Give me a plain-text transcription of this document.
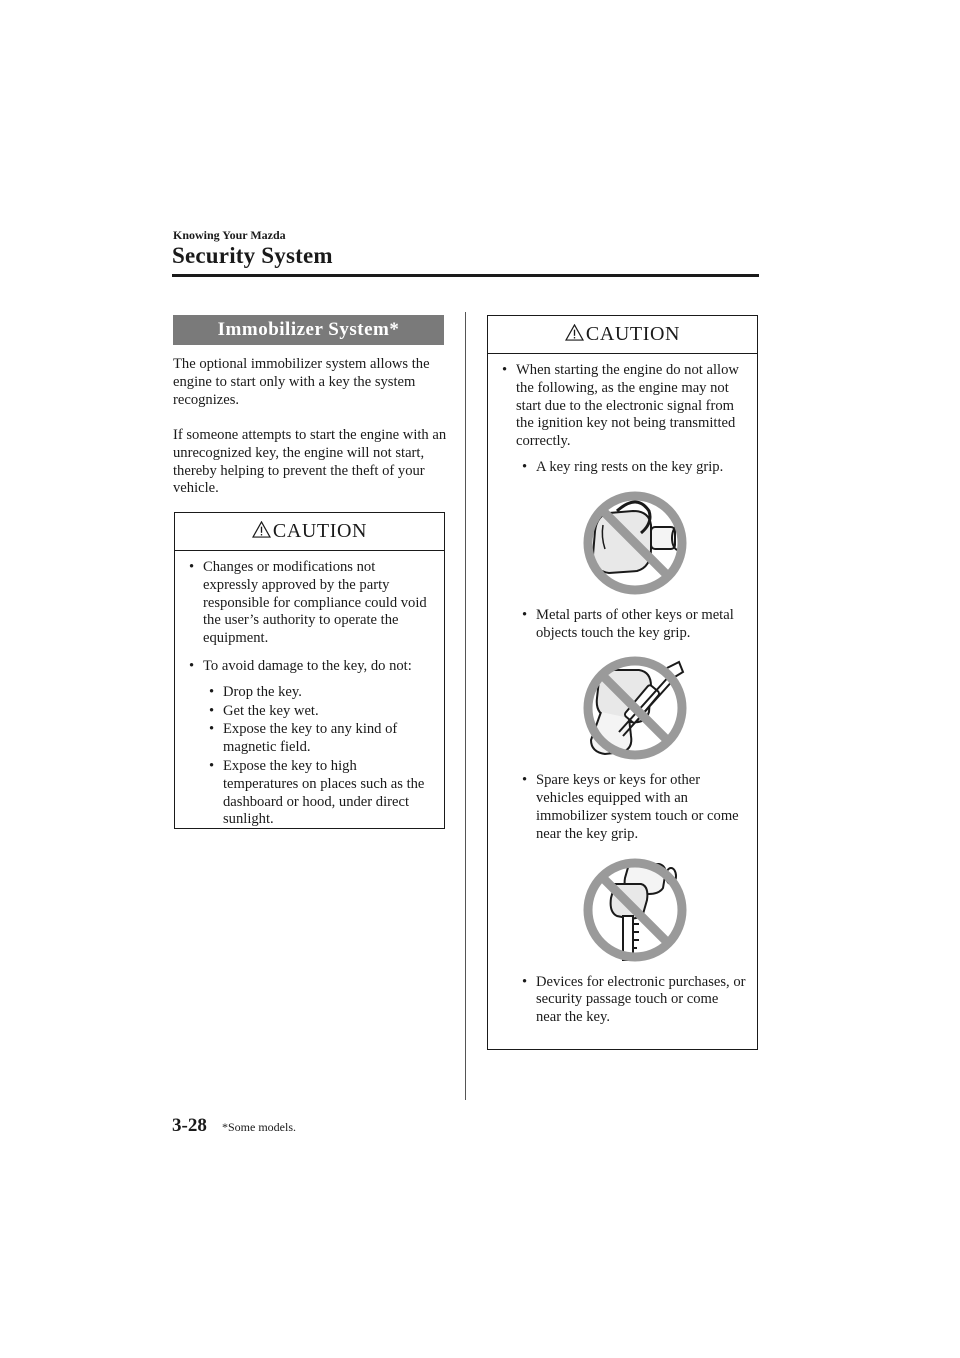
Knowing Your Mazda
Security System
Immobilizer System*

The optional immobilizer system allows the engine to start only with a key the system recognizes.

If someone attempts to start the engine with an unrecognized key, the engine will not start, thereby helping to prevent the theft of your vehicle.

CAUTION
• Changes or modifications not expressly approved by the party responsible for compliance could void the user’s authority to operate the equipment.
• To avoid damage to the key, do not:
• Drop the key.
• Get the key wet.
• Expose the key to any kind of magnetic field.
• Expose the key to high temperatures on places such as the dashboard or hood, under direct sunlight.
CAUTION
• When starting the engine do not allow the following, as the engine may not start due to the electronic signal from the ignition key not being transmitted correctly.
• A key ring rests on the key grip.
• Metal parts of other keys or metal objects touch the key grip.
• Spare keys or keys for other vehicles equipped with an immobilizer system touch or come near the key grip.
• Devices for electronic purchases, or security passage touch or come near the key.
3-28 *Some models.
